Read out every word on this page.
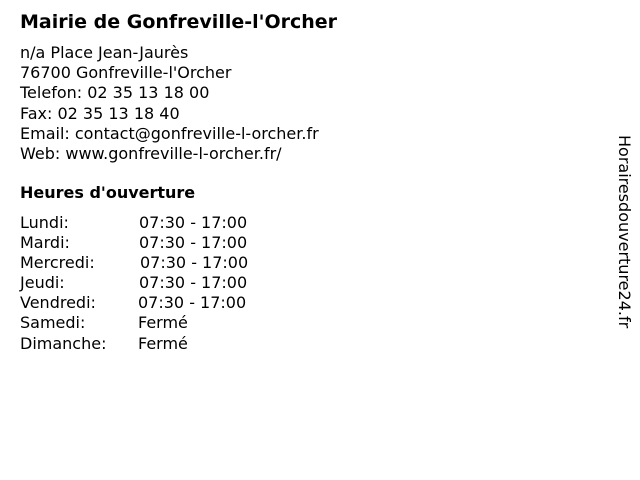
Mairie de Gonfreville-l'Orcher
n/a Place Jean-Jaurès
76700 Gonfreville-l'Orcher
Telefon: 02 35 13 18 00
Fax: 02 35 13 18 40
Email: contact@gonfreville-l-orcher.fr
Web: www.gonfreville-l-orcher.fr/
Heures d'ouverture
Lundi:	07:30 - 17:00
Mardi:	07:30 - 17:00
Mercredi:	07:30 - 17:00
Jeudi:	07:30 - 17:00
Vendredi:	07:30 - 17:00
Samedi:	Fermé
Dimanche: Fermé
Horairesdouverture24.fr
